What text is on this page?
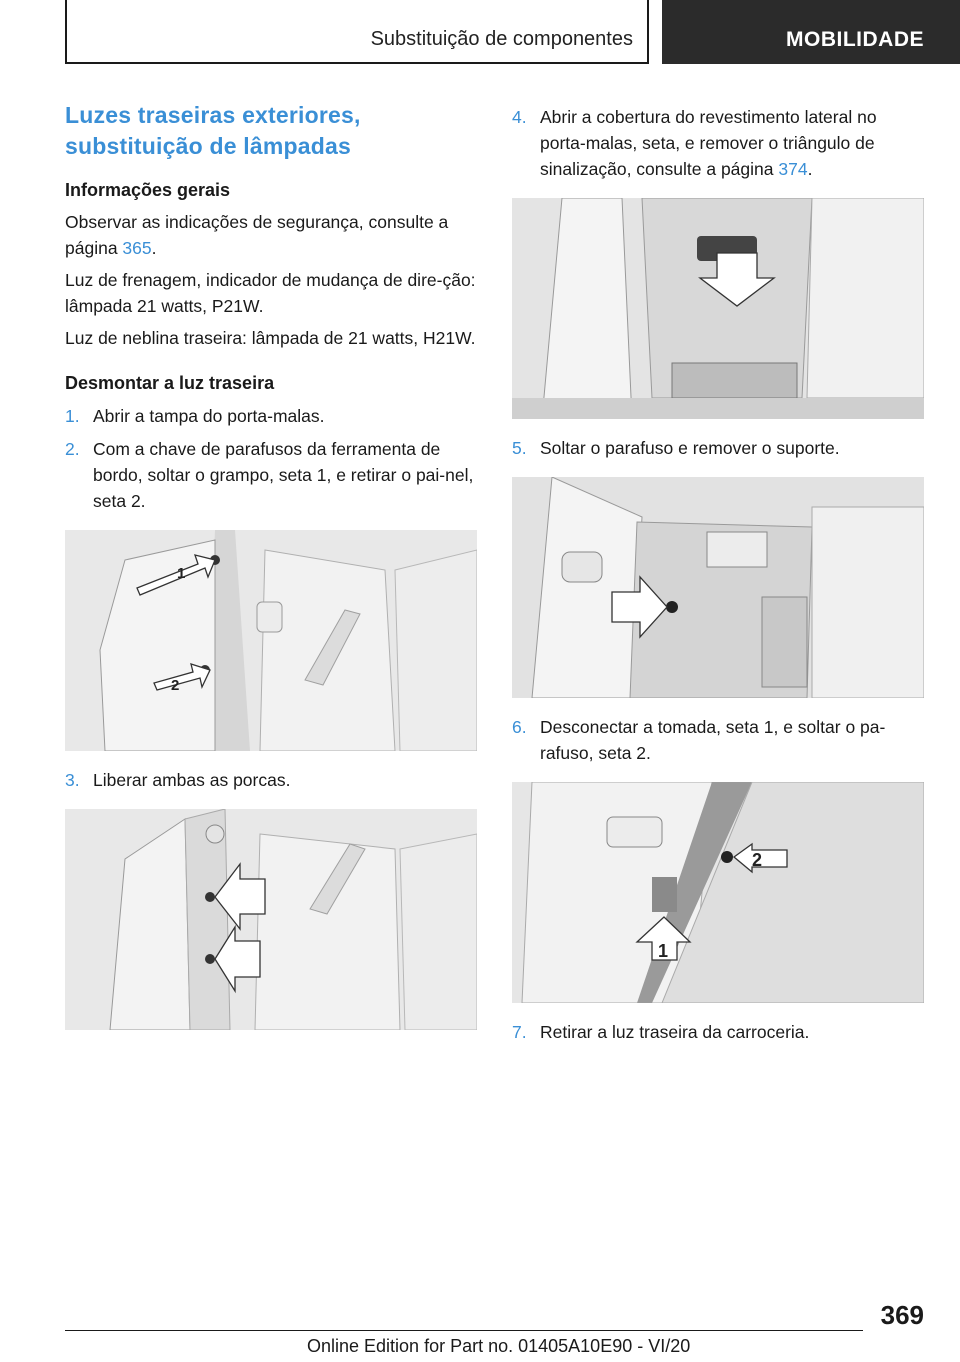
Substituição de componentes	MOBILIDADE
Luzes traseiras exteriores, substituição de lâmpadas
Informações gerais

Observar as indicações de segurança, consulte a página 365.

Luz de frenagem, indicador de mudança de dire-ção: lâmpada 21 watts, P21W.

Luz de neblina traseira: lâmpada de 21 watts, H21W.

Desmontar a luz traseira
1. Abrir a tampa do porta-malas.
2. Com a chave de parafusos da ferramenta de bordo, soltar o grampo, seta 1, e retirar o pai-nel, seta 2.
1
2
3. Liberar ambas as porcas.
4. Abrir a cobertura do revestimento lateral no porta-malas, seta, e remover o triângulo de sinalização, consulte a página 374.
5. Soltar o parafuso e remover o suporte.
6. Desconectar a tomada, seta 1, e soltar o pa-rafuso, seta 2.
2
1
7. Retirar a luz traseira da carroceria.
369
Online Edition for Part no. 01405A10E90 - VI/20
